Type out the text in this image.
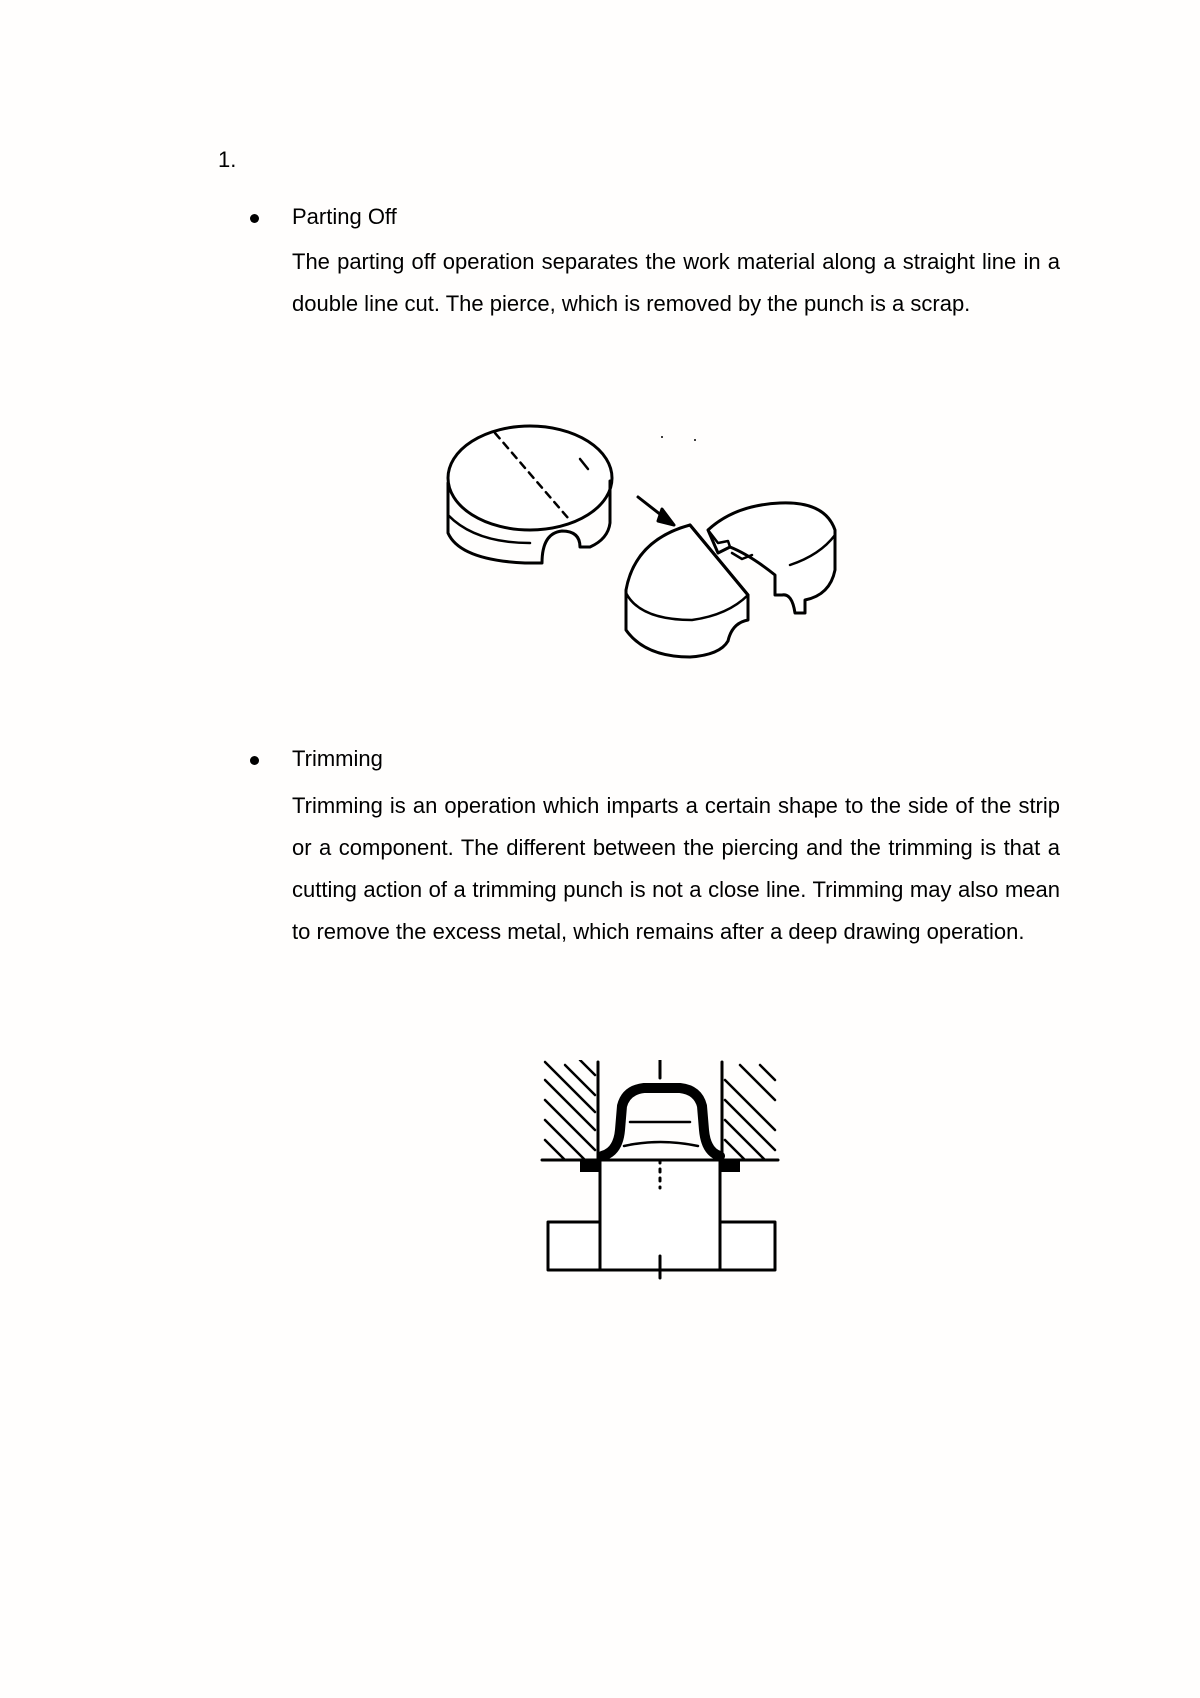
1.
Parting Off
The parting off operation separates the work material along a straight line in a double line cut. The pierce, which is removed by the punch is a scrap.
Trimming
Trimming is an operation which imparts a certain shape to the side of the strip or a component. The different between the piercing and the trimming is that a cutting action of a trimming punch is not a close line. Trimming may also mean to remove the excess metal, which remains after a deep drawing operation.
